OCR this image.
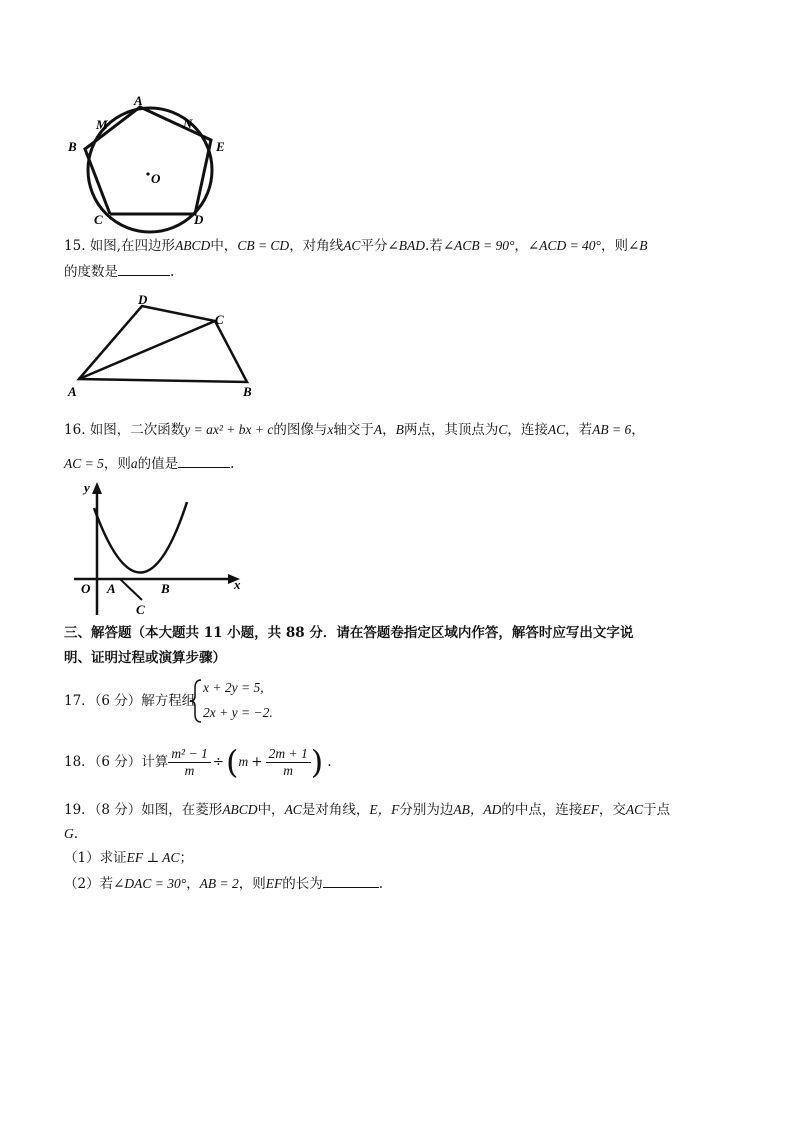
A
M	N
B	E
O
C	D
15. 如图,在四边形ABCD中，CB = CD，对角线AC平分∠BAD.若∠ACB = 90°，∠ACD = 40°，则∠B
的度数是	.
D
C
A	B
16. 如图，二次函数y = ax² + bx + c的图像与x轴交于A，B两点，其顶点为C，连接AC，若AB = 6，
AC = 5，则a的值是	.
y
x
O A	B
C
三、解答题（本大题共 11 小题，共 88 分．请在答题卷指定区域内作答，解答时应写出文字说
明、证明过程或演算步骤）
17．（6 分）解方程组
x + 2y = 5,
2x + y = −2.
18．（6 分）计算 $\frac{\text{m² − 1}}{m}$ ÷ ( $m + \frac{2m + 1}{m}$ ) .
19．（8 分）如图，在菱形ABCD中，AC是对角线，E，F分别为边AB，AD的中点，连接EF，交AC于点
G.
（1）求证EF ⊥ AC；
（2）若∠DAC = 30°，AB = 2，则EF的长为	.
